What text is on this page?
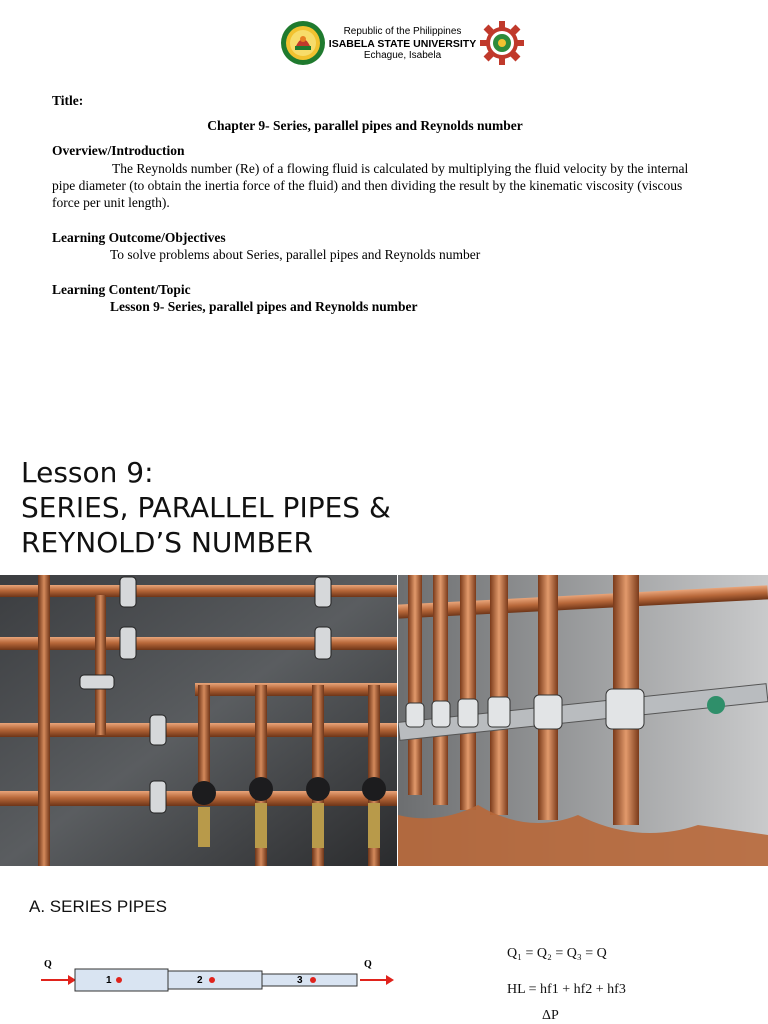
Republic of the Philippines
ISABELA STATE UNIVERSITY
Echague, Isabela
Title:
Chapter 9- Series, parallel pipes and Reynolds number
Overview/Introduction
The Reynolds number (Re) of a flowing fluid is calculated by multiplying the fluid velocity by the internal pipe diameter (to obtain the inertia force of the fluid) and then dividing the result by the kinematic viscosity (viscous force per unit length).
Learning Outcome/Objectives
To solve problems about Series, parallel pipes and Reynolds number
Learning Content/Topic
Lesson 9- Series, parallel pipes and Reynolds number
Lesson 9:
SERIES, PARALLEL PIPES &
REYNOLD’S NUMBER
A. SERIES PIPES
Q
1	2	3
Q
Q₁ = Q₂ = Q₃ = Q
HL = hf1 + hf2 + hf3
ΔP
